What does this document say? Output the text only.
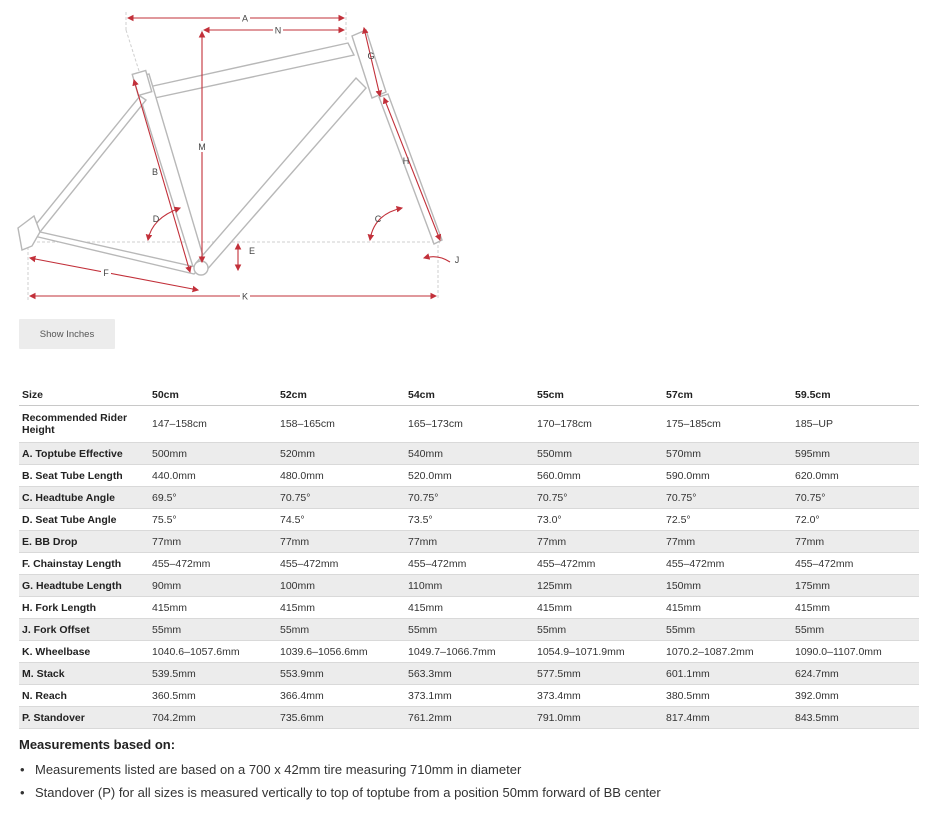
A
N
M
B
G
H
D	C
E
J
F
K
Show Inches
Size	50cm	52cm	54cm	55cm	57cm	59.5cm
Recommended Rider Height	147–158cm	158–165cm	165–173cm	170–178cm	175–185cm	185–UP
A. Toptube Effective	500mm	520mm	540mm	550mm	570mm	595mm
B. Seat Tube Length	440.0mm	480.0mm	520.0mm	560.0mm	590.0mm	620.0mm
C. Headtube Angle	69.5°	70.75°	70.75°	70.75°	70.75°	70.75°
D. Seat Tube Angle	75.5°	74.5°	73.5°	73.0°	72.5°	72.0°
E. BB Drop	77mm	77mm	77mm	77mm	77mm	77mm
F. Chainstay Length	455–472mm	455–472mm	455–472mm	455–472mm	455–472mm	455–472mm
G. Headtube Length	90mm	100mm	110mm	125mm	150mm	175mm
H. Fork Length	415mm	415mm	415mm	415mm	415mm	415mm
J. Fork Offset	55mm	55mm	55mm	55mm	55mm	55mm
K. Wheelbase	1040.6–1057.6mm	1039.6–1056.6mm	1049.7–1066.7mm	1054.9–1071.9mm	1070.2–1087.2mm	1090.0–1107.0mm
M. Stack	539.5mm	553.9mm	563.3mm	577.5mm	601.1mm	624.7mm
N. Reach	360.5mm	366.4mm	373.1mm	373.4mm	380.5mm	392.0mm
P. Standover	704.2mm	735.6mm	761.2mm	791.0mm	817.4mm	843.5mm
Measurements based on:
• Measurements listed are based on a 700 x 42mm tire measuring 710mm in diameter
• Standover (P) for all sizes is measured vertically to top of toptube from a position 50mm forward of BB center
